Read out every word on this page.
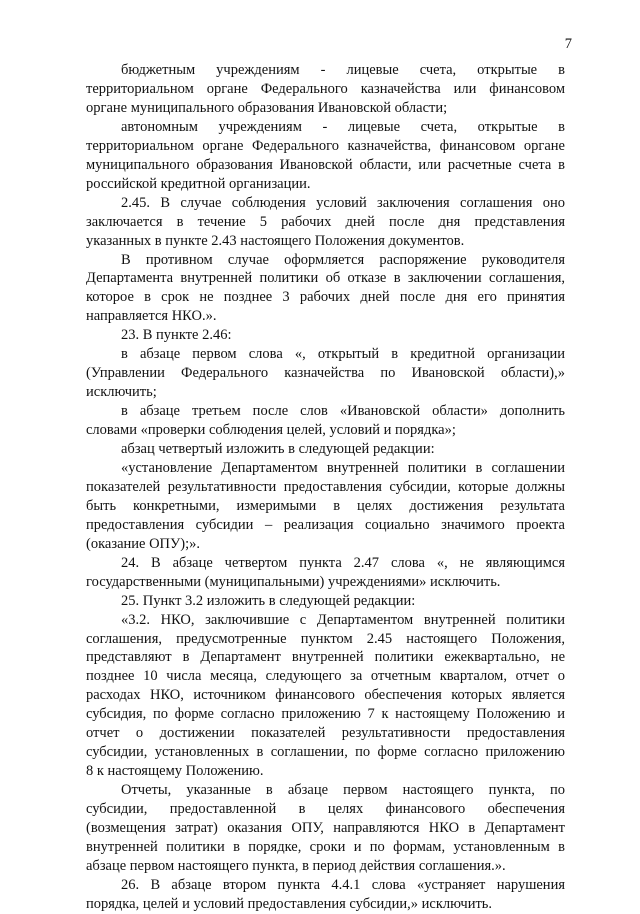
7
бюджетным учреждениям - лицевые счета, открытые в
территориальном органе Федерального казначейства или финансовом
органе муниципального образования Ивановской области;
автономным учреждениям - лицевые счета, открытые в
территориальном органе Федерального казначейства, финансовом органе
муниципального образования Ивановской области, или расчетные счета в
российской кредитной организации.
2.45. В случае соблюдения условий заключения соглашения оно
заключается в течение 5 рабочих дней после дня представления
указанных в пункте 2.43 настоящего Положения документов.
В противном случае оформляется распоряжение руководителя
Департамента внутренней политики об отказе в заключении соглашения,
которое в срок не позднее 3 рабочих дней после дня его принятия
направляется НКО.».
23. В пункте 2.46:
в абзаце первом слова «, открытый в кредитной организации
(Управлении Федерального казначейства по Ивановской области),»
исключить;
в абзаце третьем после слов «Ивановской области» дополнить
словами «проверки соблюдения целей, условий и порядка»;
абзац четвертый изложить в следующей редакции:
«установление Департаментом внутренней политики в соглашении
показателей результативности предоставления субсидии, которые должны
быть конкретными, измеримыми в целях достижения результата
предоставления субсидии – реализация социально значимого проекта
(оказание ОПУ);».
24. В абзаце четвертом пункта 2.47 слова «, не являющимся
государственными (муниципальными) учреждениями» исключить.
25. Пункт 3.2 изложить в следующей редакции:
«3.2. НКО, заключившие с Департаментом внутренней политики
соглашения, предусмотренные пунктом 2.45 настоящего Положения,
представляют в Департамент внутренней политики ежеквартально, не
позднее 10 числа месяца, следующего за отчетным кварталом, отчет о
расходах НКО, источником финансового обеспечения которых является
субсидия, по форме согласно приложению 7 к настоящему Положению и
отчет о достижении показателей результативности предоставления
субсидии, установленных в соглашении, по форме согласно приложению
8 к настоящему Положению.
Отчеты, указанные в абзаце первом настоящего пункта, по
субсидии, предоставленной в целях финансового обеспечения
(возмещения затрат) оказания ОПУ, направляются НКО в Департамент
внутренней политики в порядке, сроки и по формам, установленным в
абзаце первом настоящего пункта, в период действия соглашения.».
26. В абзаце втором пункта 4.4.1 слова «устраняет нарушения
порядка, целей и условий предоставления субсидии,» исключить.
